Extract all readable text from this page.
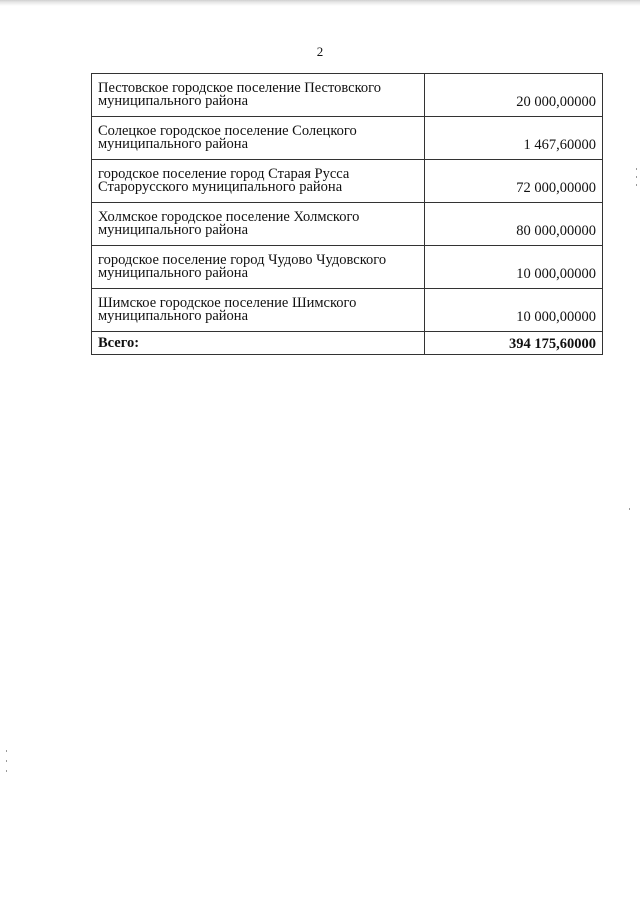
2
Пестовское городское поселение Пестовского муниципального района	20 000,00000
Солецкое городское поселение Солецкого муниципального района	1 467,60000
городское поселение город Старая Русса Старорусского муниципального района	72 000,00000
Холмское городское поселение Холмского муниципального района	80 000,00000
городское поселение город Чудово Чудовского муниципального района	10 000,00000
Шимское городское поселение Шимского муниципального района	10 000,00000
Всего:	394 175,60000
